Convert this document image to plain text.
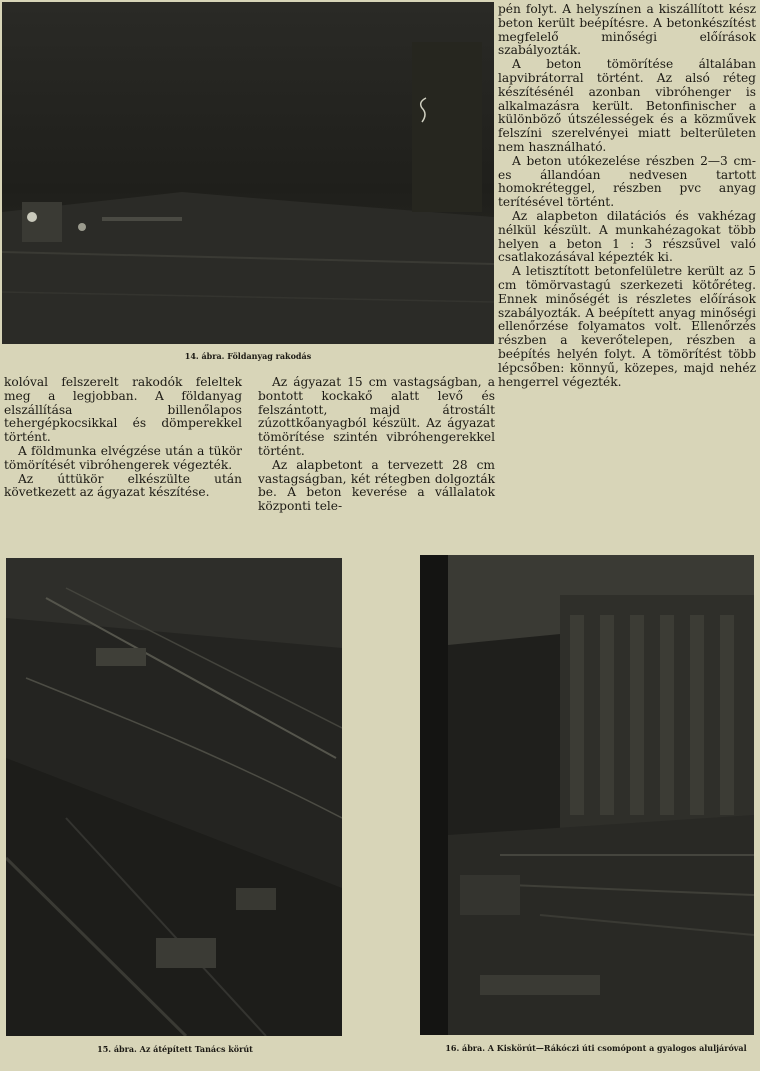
14. ábra. Földanyag rakodás

pén folyt. A helyszínen a kiszállított kész beton került beépítésre. A betonkészítést megfelelő minőségi előírások szabályozták.

A beton tömörítése általában lapvibrátorral történt. Az alsó réteg készítésénél azonban vibróhenger is alkalmazásra került. Betonfinischer a különböző útszélességek és a közművek felszíni szerelvényei miatt belterületen nem használható.

A beton utókezelése részben 2—3 cm-es állandóan nedvesen tartott homokréteggel, részben pvc anyag terítésével történt.

Az alapbeton dilatációs és vakhézag nélkül készült. A munkahézagokat több helyen a beton 1 : 3 részsűvel való csatlakozásával képezték ki.

A letisztított betonfelületre került az 5 cm tömörvastagú szerkezeti kötőréteg. Ennek minőségét is részletes előírások szabályozták. A beépített anyag minőségi ellenőrzése folyamatos volt. Ellenőrzés részben a keverőtelepen, részben a beépítés helyén folyt. A tömörítést több lépcsőben: könnyű, közepes, majd nehéz hengerrel végezték.

kolóval felszerelt rakodók feleltek meg a legjobban. A földanyag elszállítása billenőlapos tehergépkocsikkal és dömperekkel történt.

A földmunka elvégzése után a tükör tömörítését vibróhengerek végezték.

Az úttükör elkészülte után következett az ágyazat készítése.

Az ágyazat 15 cm vastagságban, a bontott kockakő alatt levő és felszántott, majd átrostált zúzottkőanyagból készült. Az ágyazat tömörítése szintén vibróhengerekkel történt.

Az alapbetont a tervezett 28 cm vastagságban, két rétegben dolgozták be. A beton keverése a vállalatok központi tele-

15. ábra. Az átépített Tanács körút	16. ábra. A Kiskörút—Rákóczi úti csomópont a gyalogos aluljáróval
